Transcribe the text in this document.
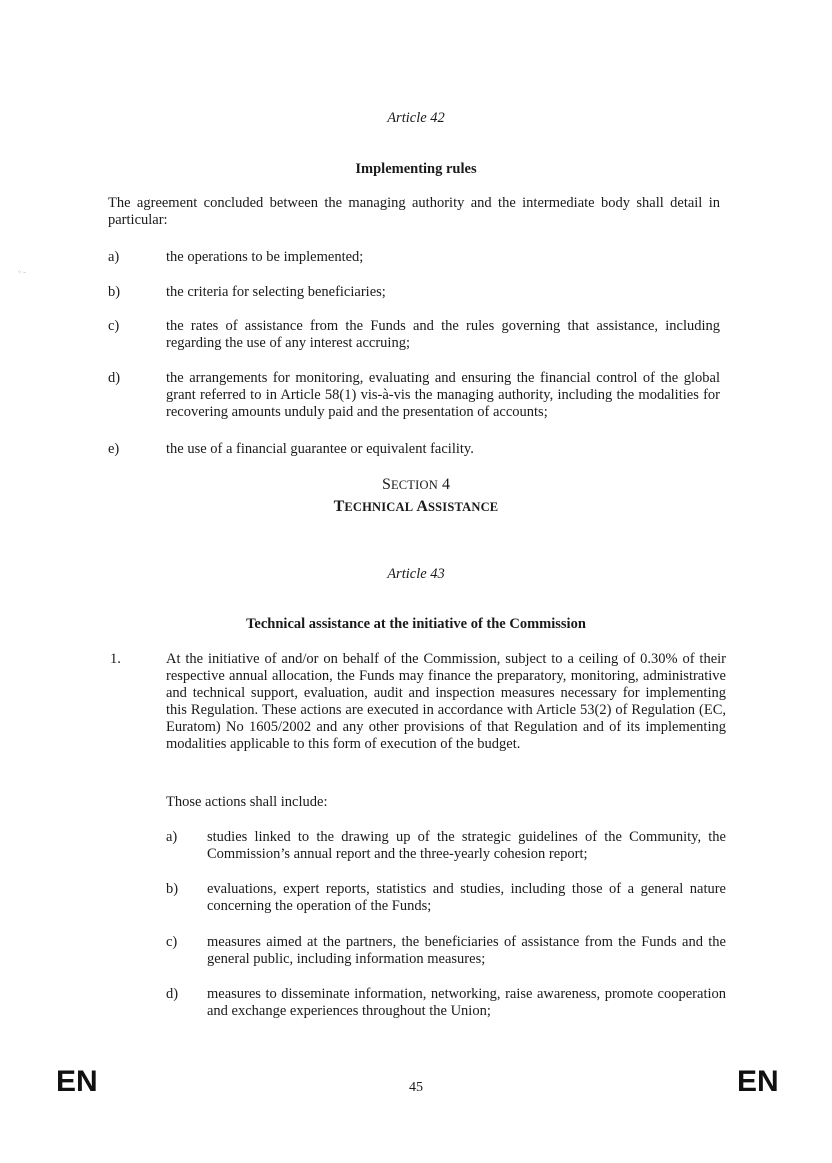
⁘·-
Article 42
Implementing rules
The agreement concluded between the managing authority and the intermediate body shall detail in particular:
a)	the operations to be implemented;
b)	the criteria for selecting beneficiaries;
c)	the rates of assistance from the Funds and the rules governing that assistance, including regarding the use of any interest accruing;
d)	the arrangements for monitoring, evaluating and ensuring the financial control of the global grant referred to in Article 58(1) vis-à-vis the managing authority, including the modalities for recovering amounts unduly paid and the presentation of accounts;
e)	the use of a financial guarantee or equivalent facility.
SECTION 4
TECHNICAL ASSISTANCE
Article 43
Technical assistance at the initiative of the Commission
1.	At the initiative of and/or on behalf of the Commission, subject to a ceiling of 0.30% of their respective annual allocation, the Funds may finance the preparatory, monitoring, administrative and technical support, evaluation, audit and inspection measures necessary for implementing this Regulation. These actions are executed in accordance with Article 53(2) of Regulation (EC, Euratom) No 1605/2002 and any other provisions of that Regulation and of its implementing modalities applicable to this form of execution of the budget.
Those actions shall include:
a) studies linked to the drawing up of the strategic guidelines of the Community, the Commission’s annual report and the three-yearly cohesion report;
b) evaluations, expert reports, statistics and studies, including those of a general nature concerning the operation of the Funds;
c) measures aimed at the partners, the beneficiaries of assistance from the Funds and the general public, including information measures;
d) measures to disseminate information, networking, raise awareness, promote cooperation and exchange experiences throughout the Union;
EN	45	EN
